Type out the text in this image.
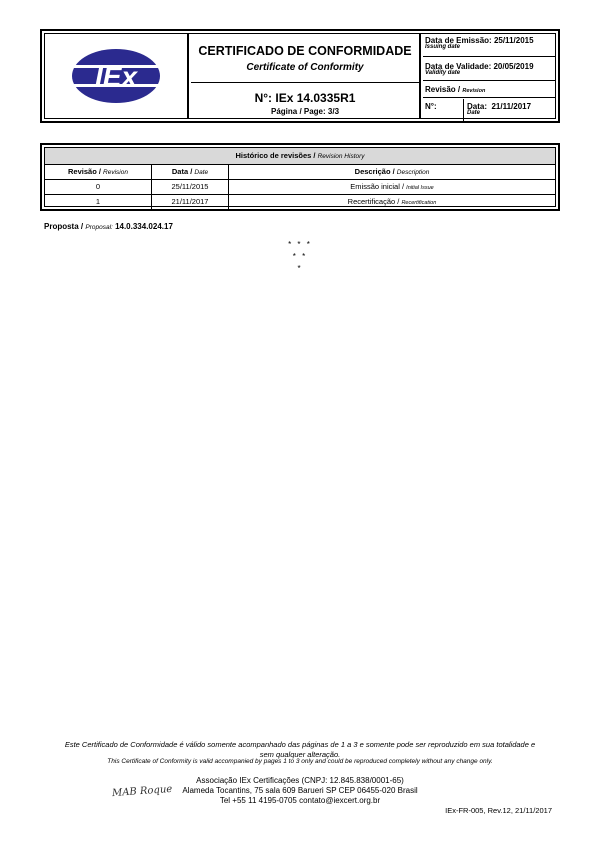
IEx
CERTIFICADO DE CONFORMIDADE
Certificate of Conformity
N°: IEx 14.0335R1
Página / Page: 3/3
Data de Emissão: 25/11/2015
Issuing date
Data de Validade: 20/05/2019
Validity date
Revisão / Revision
N°:	Data: 21/11/2017
Date
Histórico de revisões / Revision History
Revisão / Revision	Data / Date	Descrição / Description
0	25/11/2015	Emissão inicial / Initial Issue
1	21/11/2017	Recertificação / Recertification
Proposta / Proposal: 14.0.334.024.17
* * *
* *
*
Este Certificado de Conformidade é válido somente acompanhado das páginas de 1 a 3 e somente pode ser reproduzido em sua totalidade e
sem qualquer alteração.
This Certificate of Conformity is valid accompanied by pages 1 to 3 only and could be reproduced completely without any change only.
Associação IEx Certificações (CNPJ: 12.845.838/0001-65)
Alameda Tocantins, 75 sala 609 Barueri SP CEP 06455-020 Brasil
Tel +55 11 4195-0705 contato@iexcert.org.br
MAB Roque
IEx-FR-005, Rev.12, 21/11/2017
